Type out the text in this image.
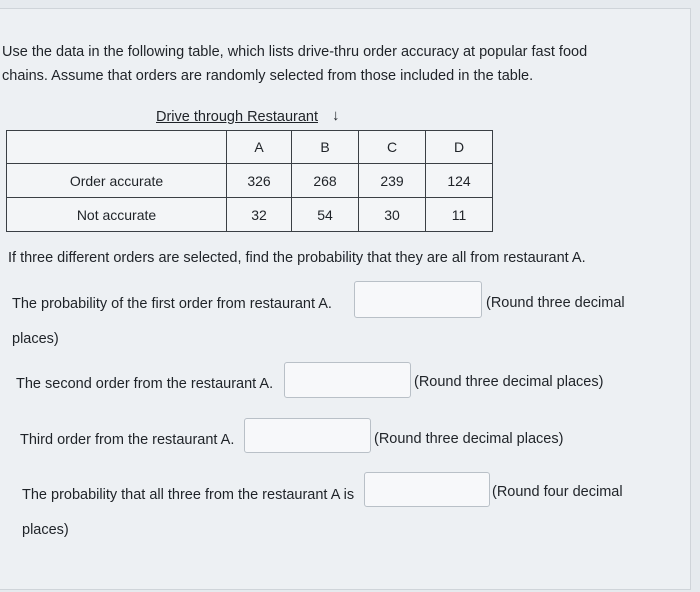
Use the data in the following table, which lists drive-thru order accuracy at popular fast food
chains. Assume that orders are randomly selected from those included in the table.
Drive through Restaurant ↓
	A	B	C	D
Order accurate	326	268	239	124
Not accurate	32	54	30	11
If three different orders are selected, find the probability that they are all from restaurant A.
The probability of the first order from restaurant A.	(Round three decimal
places)
The second order from the restaurant A.	(Round three decimal places)
Third order from the restaurant A.	(Round three decimal places)
The probability that all three from the restaurant A is	(Round four decimal
places)
